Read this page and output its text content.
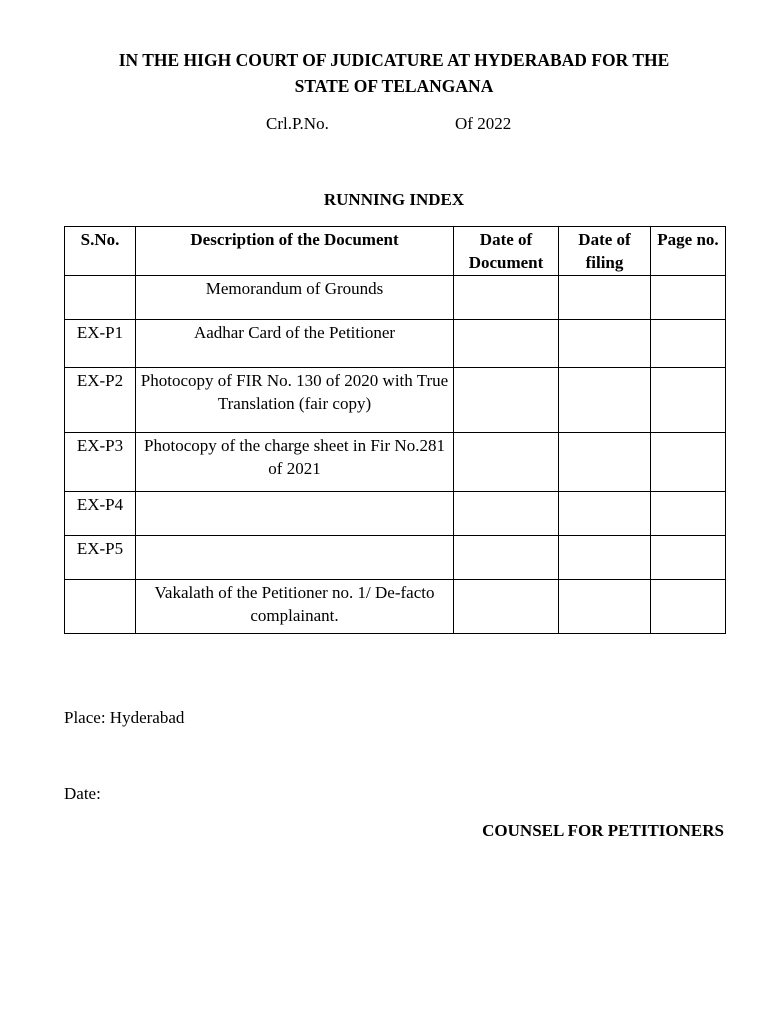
IN THE HIGH COURT OF JUDICATURE AT HYDERABAD FOR THE
STATE OF TELANGANA
Crl.P.No.	Of 2022
RUNNING INDEX
S.No.	Description of the Document	Date of Document	Date of filing	Page no.
	Memorandum of Grounds			
EX-P1	Aadhar Card of the Petitioner			
EX-P2	Photocopy of FIR No. 130 of 2020 with True Translation (fair copy)			
EX-P3	Photocopy of the charge sheet in Fir No.281 of 2021			
EX-P4				
EX-P5				
	Vakalath of the Petitioner no. 1/ De-facto complainant.			
Place: Hyderabad
Date:
COUNSEL FOR PETITIONERS
